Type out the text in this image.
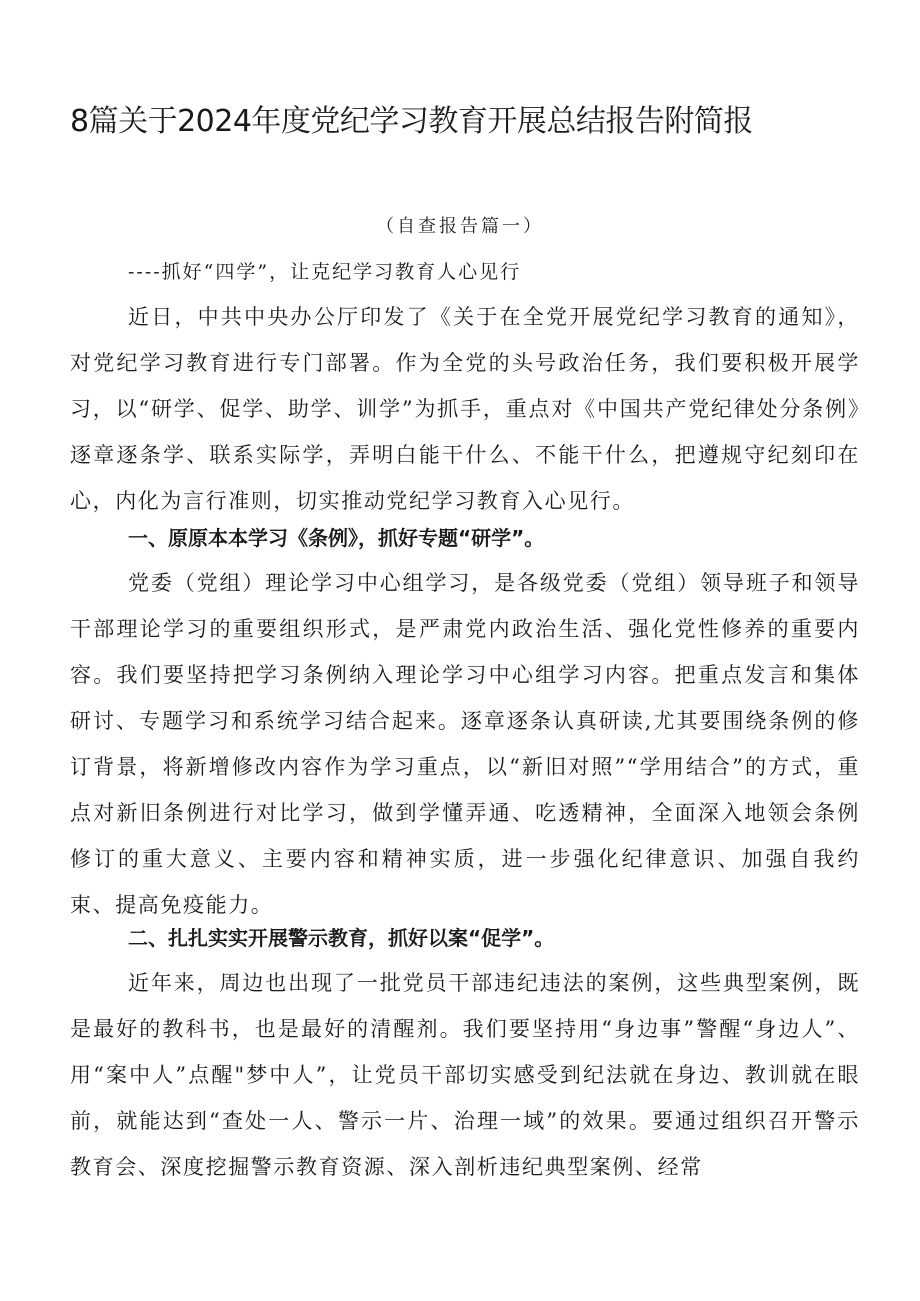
8篇关于2024年度党纪学习教育开展总结报告附简报
（自查报告篇一）
----抓好“四学”，让克纪学习教育人心见行

近日，中共中央办公厅印发了《关于在全党开展党纪学习教育的通知》，对党纪学习教育进行专门部署。作为全党的头号政治任务，我们要积极开展学习，以“研学、促学、助学、训学”为抓手，重点对《中国共产党纪律处分条例》逐章逐条学、联系实际学，弄明白能干什么、不能干什么，把遵规守纪刻印在心，内化为言行准则，切实推动党纪学习教育入心见行。

一、原原本本学习《条例》，抓好专题“研学”。

党委（党组）理论学习中心组学习，是各级党委（党组）领导班子和领导干部理论学习的重要组织形式，是严肃党内政治生活、强化党性修养的重要内容。我们要坚持把学习条例纳入理论学习中心组学习内容。把重点发言和集体研讨、专题学习和系统学习结合起来。逐章逐条认真研读,尤其要围绕条例的修订背景，将新增修改内容作为学习重点，以“新旧对照”“学用结合”的方式，重点对新旧条例进行对比学习，做到学懂弄通、吃透精神，全面深入地领会条例修订的重大意义、主要内容和精神实质，进一步强化纪律意识、加强自我约束、提高免疫能力。

二、扎扎实实开展警示教育，抓好以案“促学”。

近年来，周边也出现了一批党员干部违纪违法的案例，这些典型案例，既是最好的教科书，也是最好的清醒剂。我们要坚持用“身边事”警醒“身边人”、用“案中人”点醒"梦中人”，让党员干部切实感受到纪法就在身边、教训就在眼前，就能达到“查处一人、警示一片、治理一域”的效果。要通过组织召开警示教育会、深度挖掘警示教育资源、深入剖析违纪典型案例、经常
